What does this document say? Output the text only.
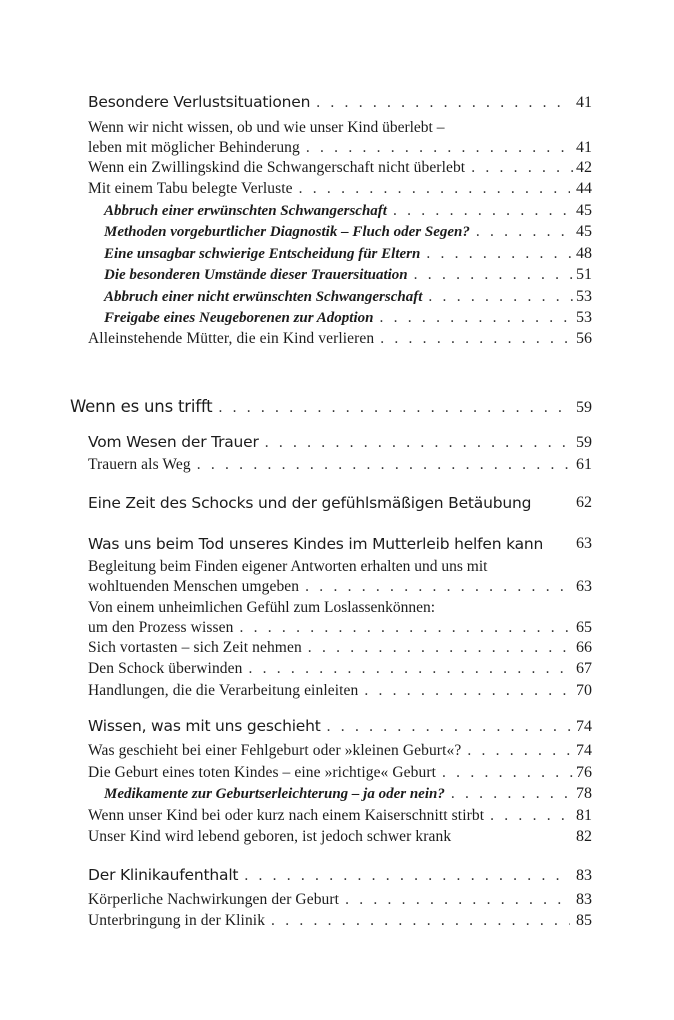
Besondere Verlustsituationen . . .	41
Wenn wir nicht wissen, ob und wie unser Kind überlebt –
leben mit möglicher Behinderung . . .	41
Wenn ein Zwillingskind die Schwangerschaft nicht überlebt . . .	42
Mit einem Tabu belegte Verluste . . .	44
Abbruch einer erwünschten Schwangerschaft . . .	45
Methoden vorgeburtlicher Diagnostik – Fluch oder Segen? . . .	45
Eine unsagbar schwierige Entscheidung für Eltern . . .	48
Die besonderen Umstände dieser Trauersituation . . .	51
Abbruch einer nicht erwünschten Schwangerschaft . . .	53
Freigabe eines Neugeborenen zur Adoption . . .	53
Alleinstehende Mütter, die ein Kind verlieren . . .	56
Wenn es uns trifft . . .	59
Vom Wesen der Trauer . . .	59
Trauern als Weg . . .	61
Eine Zeit des Schocks und der gefühlsmäßigen Betäubung	62
Was uns beim Tod unseres Kindes im Mutterleib helfen kann	63
Begleitung beim Finden eigener Antworten erhalten und uns mit
wohltuenden Menschen umgeben . . .	63
Von einem unheimlichen Gefühl zum Loslassenkönnen:
um den Prozess wissen . . .	65
Sich vortasten – sich Zeit nehmen . . .	66
Den Schock überwinden . . .	67
Handlungen, die die Verarbeitung einleiten . . .	70
Wissen, was mit uns geschieht . . .	74
Was geschieht bei einer Fehlgeburt oder »kleinen Geburt«? . . .	74
Die Geburt eines toten Kindes – eine »richtige« Geburt . . .	76
Medikamente zur Geburtserleichterung – ja oder nein? . . .	78
Wenn unser Kind bei oder kurz nach einem Kaiserschnitt stirbt . . .	81
Unser Kind wird lebend geboren, ist jedoch schwer krank	82
Der Klinikaufenthalt . . .	83
Körperliche Nachwirkungen der Geburt . . .	83
Unterbringung in der Klinik . . .	85
